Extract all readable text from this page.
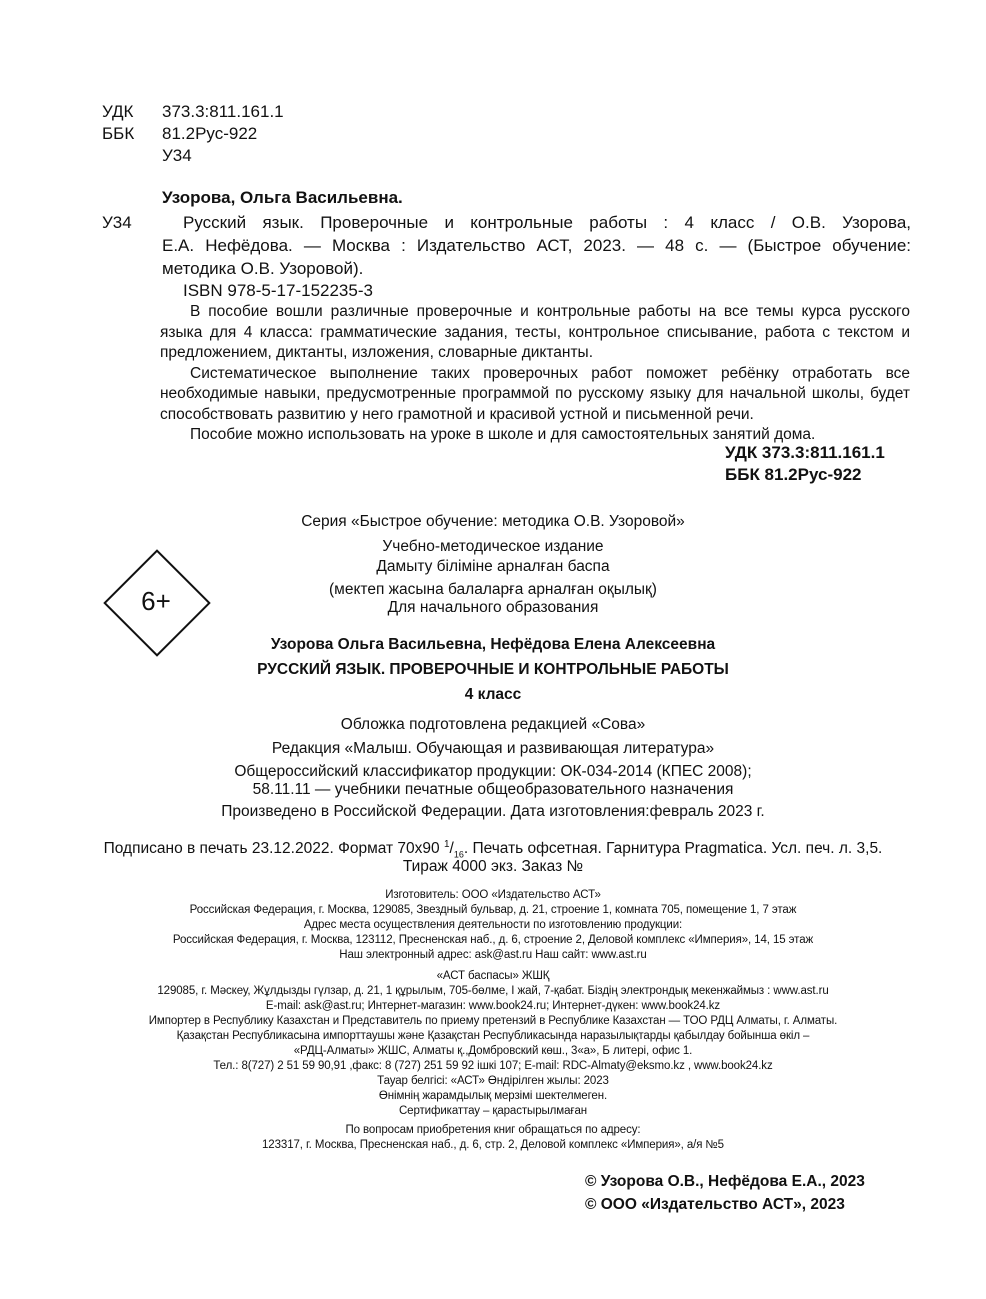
УДК 373.3:811.161.1
ББК 81.2Рус-922
У34
Узорова, Ольга Васильевна.
У34	Русский язык. Проверочные и контрольные работы : 4 класс / О.В. Узорова,
Е.А. Нефёдова. — Москва : Издательство АСТ, 2023. — 48 с. — (Быстрое обучение:
методика О.В. Узоровой).
ISBN 978-5-17-152235-3

В пособие вошли различные проверочные и контрольные работы на все темы курса русского языка для 4 класса: грамматические задания, тесты, контрольное списывание, работа с текстом и предложением, диктанты, изложения, словарные диктанты.

Систематическое выполнение таких проверочных работ поможет ребёнку отработать все необходимые навыки, предусмотренные программой по русскому языку для начальной школы, будет способствовать развитию у него грамотной и красивой устной и письменной речи.

Пособие можно использовать на уроке в школе и для самостоятельных занятий дома.

УДК 373.3:811.161.1
ББК 81.2Рус-922
Серия «Быстрое обучение: методика О.В. Узоровой»
Учебно-методическое издание
Дамыту біліміне арналған баспа
(мектеп жасына балаларға арналған оқылық)
Для начального образования
6+
Узорова Ольга Васильевна, Нефёдова Елена Алексеевна
РУССКИЙ ЯЗЫК. ПРОВЕРОЧНЫЕ И КОНТРОЛЬНЫЕ РАБОТЫ
4 класс
Обложка подготовлена редакцией «Сова»
Редакция «Малыш. Обучающая и развивающая литература»
Общероссийский классификатор продукции: ОК-034-2014 (КПЕС 2008);
58.11.11 — учебники печатные общеобразовательного назначения
Произведено в Российской Федерации. Дата изготовления:февраль 2023 г.
Подписано в печать 23.12.2022. Формат 70х90 $^1/_{16}$. Печать офсетная. Гарнитура Pragmatica. Усл. печ. л. 3,5.
Тираж 4000 экз. Заказ №
Изготовитель: ООО «Издательство АСТ»
Российская Федерация, г. Москва, 129085, Звездный бульвар, д. 21, строение 1, комната 705, помещение 1, 7 этаж
Адрес места осуществления деятельности по изготовлению продукции:
Российская Федерация, г. Москва, 123112, Пресненская наб., д. 6, строение 2, Деловой комплекс «Империя», 14, 15 этаж
Наш электронный адрес: ask@ast.ru Наш сайт: www.ast.ru
«АСТ баспасы» ЖШҚ
129085, г. Мәскеу, Жұлдызды гүлзар, д. 21, 1 құрылым, 705-бөлме, І жай, 7-қабат. Біздің электрондық мекенжаймыз : www.ast.ru
E-mail: ask@ast.ru; Интернет-магазин: www.book24.ru; Интернет-дүкен: www.book24.kz
Импортер в Республику Казахстан и Представитель по приему претензий в Республике Казахстан — ТОО РДЦ Алматы, г. Алматы.
Қазақстан Республикасына импорттаушы және Қазақстан Республикасында наразылықтарды қабылдау бойынша өкіл –
«РДЦ-Алматы» ЖШС, Алматы қ.,Домбровский көш., 3«а», Б литері, офис 1.
Тел.: 8(727) 2 51 59 90,91 ,факс: 8 (727) 251 59 92 ішкі 107; E-mail: RDC-Almaty@eksmo.kz , www.book24.kz
Тауар белгісі: «АСТ» Өндірілген жылы: 2023
Өнімнің жарамдылық мерзімі шектелмеген.
Сертификаттау – қарастырылмаған
По вопросам приобретения книг обращаться по адресу:
123317, г. Москва, Пресненская наб., д. 6, стр. 2, Деловой комплекс «Империя», а/я №5
© Узорова О.В., Нефёдова Е.А., 2023
© ООО «Издательство АСТ», 2023
